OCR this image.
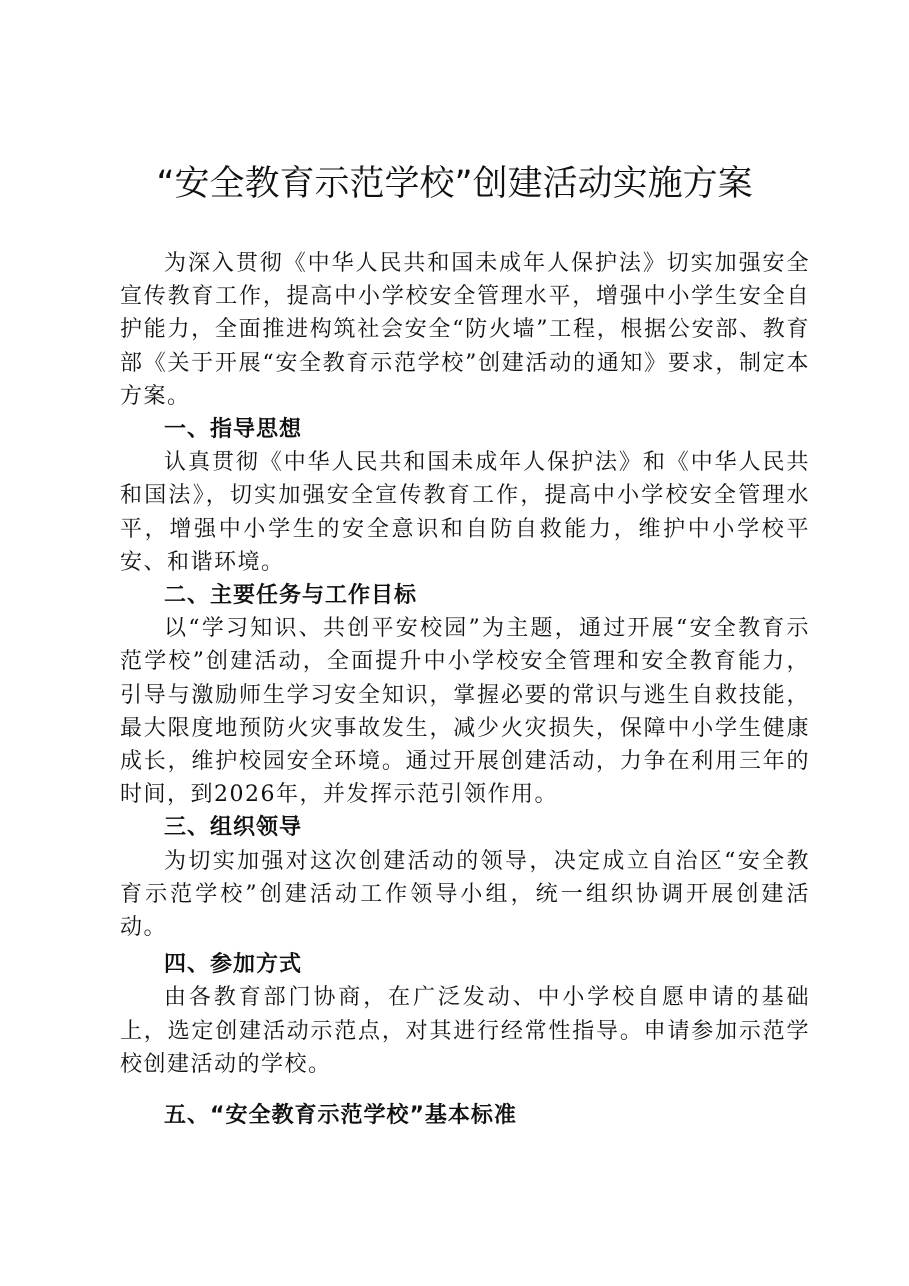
“安全教育示范学校”创建活动实施方案

为深入贯彻《中华人民共和国未成年人保护法》切实加强安全宣传教育工作，提高中小学校安全管理水平，增强中小学生安全自护能力，全面推进构筑社会安全“防火墙”工程，根据公安部、教育部《关于开展“安全教育示范学校”创建活动的通知》要求，制定本方案。

一、指导思想

认真贯彻《中华人民共和国未成年人保护法》和《中华人民共和国法》，切实加强安全宣传教育工作，提高中小学校安全管理水平，增强中小学生的安全意识和自防自救能力，维护中小学校平安、和谐环境。

二、主要任务与工作目标

以“学习知识、共创平安校园”为主题，通过开展“安全教育示范学校”创建活动，全面提升中小学校安全管理和安全教育能力，引导与激励师生学习安全知识，掌握必要的常识与逃生自救技能，最大限度地预防火灾事故发生，减少火灾损失，保障中小学生健康成长，维护校园安全环境。通过开展创建活动，力争在利用三年的时间，到2026年，并发挥示范引领作用。

三、组织领导

为切实加强对这次创建活动的领导，决定成立自治区“安全教育示范学校”创建活动工作领导小组，统一组织协调开展创建活动。

四、参加方式

由各教育部门协商，在广泛发动、中小学校自愿申请的基础上，选定创建活动示范点，对其进行经常性指导。申请参加示范学校创建活动的学校。

五、“安全教育示范学校”基本标准
